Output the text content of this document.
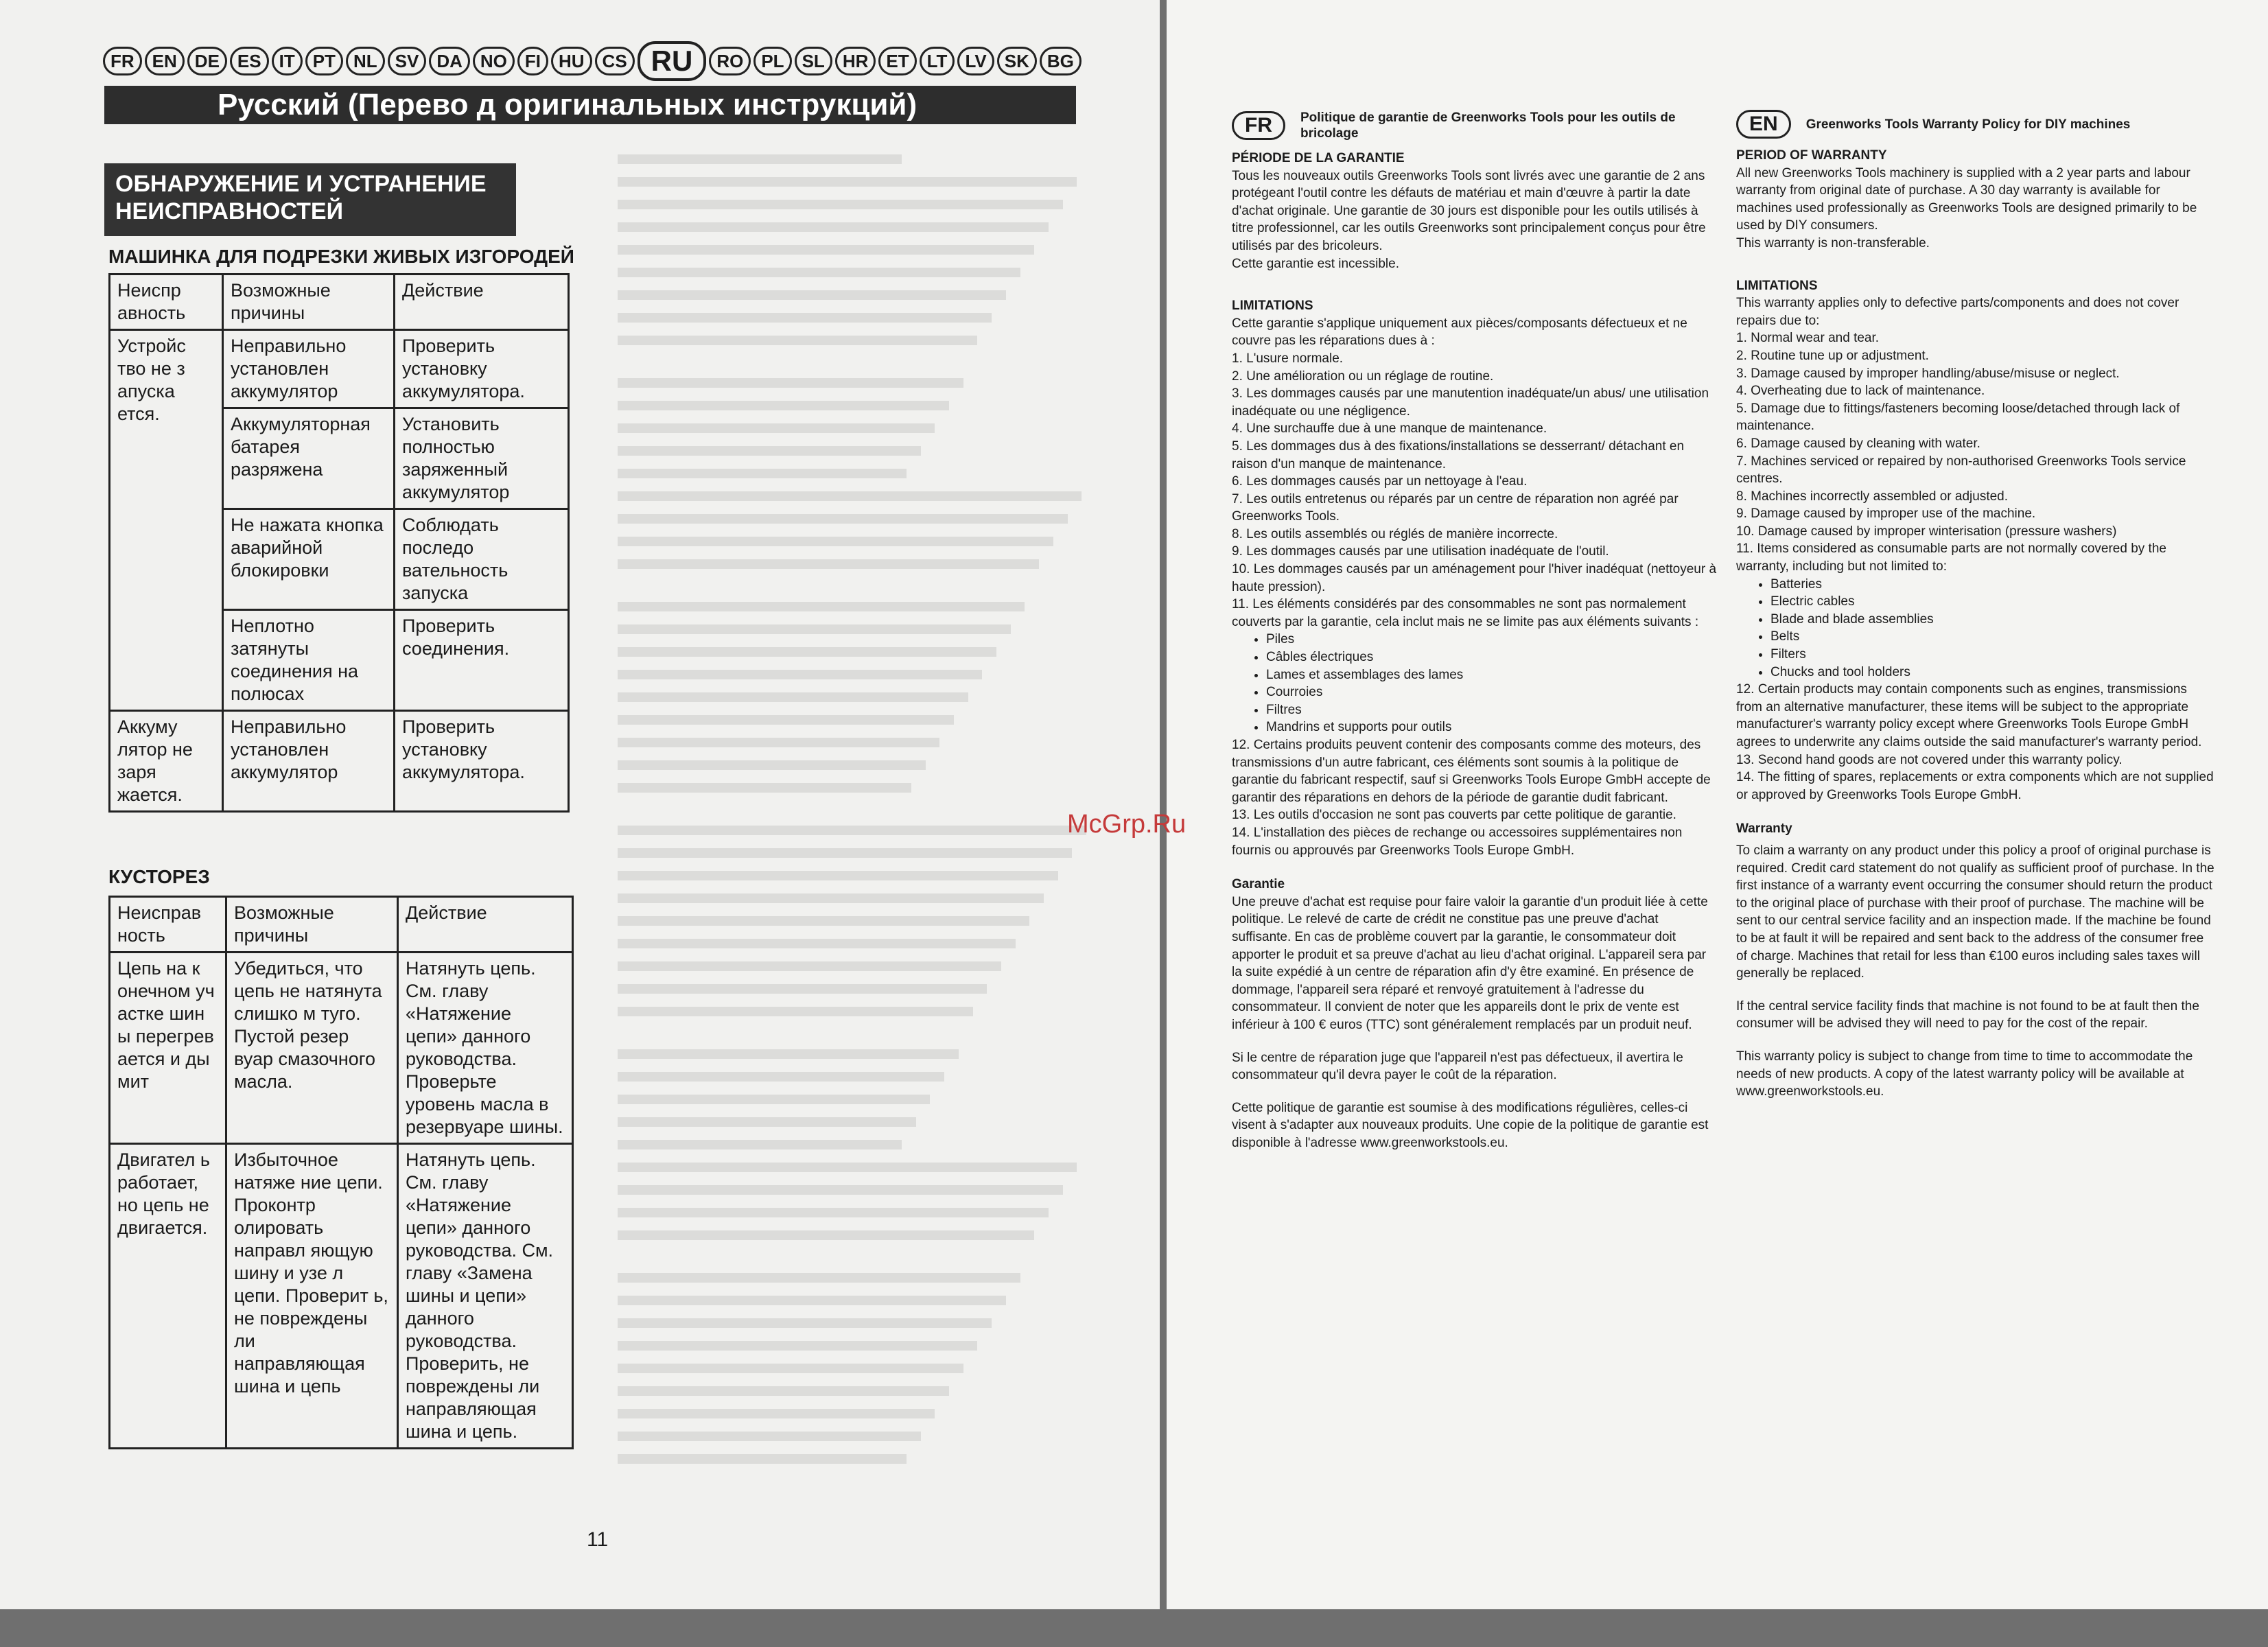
FR	EN	DE	ES	IT	PT	NL	SV	DA	NO	FI	HU	CS RU	RO	PL	SL	HR	ET	LT	LV	SK	BG
Русский (Перево д оригинальных инструкций)
ОБНАРУЖЕНИЕ И УСТРАНЕНИЕ НЕИСПРАВНОСТЕЙ
МАШИНКА ДЛЯ ПОДРЕЗКИ ЖИВЫХ ИЗГОРОДЕЙ
Неиспр авность	Возможные причины	Действие
Устройс тво не з апуска ется.	Неправильно установлен аккумулятор	Проверить установку аккумулятора.
	Аккумуляторная батарея разряжена	Установить полностью заряженный аккумулятор
	Не нажата кнопка аварийной блокировки	Соблюдать последо вательность запуска
	Неплотно затянуты соединения на полюсах	Проверить соединения.
Аккуму лятор не заря жается.	Неправильно установлен аккумулятор	Проверить установку аккумулятора.
КУСТОРЕЗ
Неисправ ность	Возможные причины	Действие
Цепь на к онечном уч астке шин ы перегрев ается и ды мит	Убедиться, что цепь не натянута слишко м туго. Пустой резер вуар смазочного масла.	Натянуть цепь. См. главу «Натяжение цепи» данного руководства. Проверьте уровень масла в резервуаре шины.
Двигател ь работает, но цепь не двигается.	Избыточное натяже ние цепи. Проконтр олировать направл яющую шину и узе л цепи. Проверит ь, не повреждены ли направляющая шина и цепь	Натянуть цепь. См. главу «Натяжение цепи» данного руководства. См. главу «Замена шины и цепи» данного руководства. Проверить, не повреждены ли направляющая шина и цепь.
11
McGrp.Ru
FR	Politique de garantie de Greenworks Tools pour les outils de bricolage
PÉRIODE DE LA GARANTIE
Tous les nouveaux outils Greenworks Tools sont livrés avec une garantie de 2 ans protégeant l'outil contre les défauts de matériau et main d'œuvre à partir la date d'achat originale. Une garantie de 30 jours est disponible pour les outils utilisés à titre professionnel, car les outils Greenworks sont principalement conçus pour être utilisés par des bricoleurs.
Cette garantie est incessible.
LIMITATIONS
Cette garantie s'applique uniquement aux pièces/composants défectueux et ne couvre pas les réparations dues à :
1. L'usure normale.
2. Une amélioration ou un réglage de routine.
3. Les dommages causés par une manutention inadéquate/un abus/ une utilisation inadéquate ou une négligence.
4. Une surchauffe due à une manque de maintenance.
5. Les dommages dus à des fixations/installations se desserrant/ détachant en raison d'un manque de maintenance.
6. Les dommages causés par un nettoyage à l'eau.
7. Les outils entretenus ou réparés par un centre de réparation non agréé par Greenworks Tools.
8. Les outils assemblés ou réglés de manière incorrecte.
9. Les dommages causés par une utilisation inadéquate de l'outil.
10. Les dommages causés par un aménagement pour l'hiver inadéquat (nettoyeur à haute pression).
11. Les éléments considérés par des consommables ne sont pas normalement couverts par la garantie, cela inclut mais ne se limite pas aux éléments suivants :
• Piles
• Câbles électriques
• Lames et assemblages des lames
• Courroies
• Filtres
• Mandrins et supports pour outils
12. Certains produits peuvent contenir des composants comme des moteurs, des transmissions d'un autre fabricant, ces éléments sont soumis à la politique de garantie du fabricant respectif, sauf si Greenworks Tools Europe GmbH accepte de garantir des réparations en dehors de la période de garantie dudit fabricant.
13. Les outils d'occasion ne sont pas couverts par cette politique de garantie.
14. L'installation des pièces de rechange ou accessoires supplémentaires non fournis ou approuvés par Greenworks Tools Europe GmbH.
Garantie
Une preuve d'achat est requise pour faire valoir la garantie d'un produit liée à cette politique. Le relevé de carte de crédit ne constitue pas une preuve d'achat suffisante. En cas de problème couvert par la garantie, le consommateur doit apporter le produit et sa preuve d'achat au lieu d'achat original. L'appareil sera par la suite expédié à un centre de réparation afin d'y être examiné. En présence de dommage, l'appareil sera réparé et renvoyé gratuitement à l'adresse du consommateur. Il convient de noter que les appareils dont le prix de vente est inférieur à 100 € euros (TTC) sont généralement remplacés par un produit neuf.
Si le centre de réparation juge que l'appareil n'est pas défectueux, il avertira le consommateur qu'il devra payer le coût de la réparation.
Cette politique de garantie est soumise à des modifications régulières, celles-ci visent à s'adapter aux nouveaux produits. Une copie de la politique de garantie est disponible à l'adresse www.greenworkstools.eu.
EN	Greenworks Tools Warranty Policy for DIY machines
PERIOD OF WARRANTY
All new Greenworks Tools machinery is supplied with a 2 year parts and labour warranty from original date of purchase. A 30 day warranty is available for machines used professionally as Greenworks Tools are designed primarily to be used by DIY consumers.
This warranty is non-transferable.
LIMITATIONS
This warranty applies only to defective parts/components and does not cover repairs due to:
1. Normal wear and tear.
2. Routine tune up or adjustment.
3. Damage caused by improper handling/abuse/misuse or neglect.
4. Overheating due to lack of maintenance.
5. Damage due to fittings/fasteners becoming loose/detached through lack of maintenance.
6. Damage caused by cleaning with water.
7. Machines serviced or repaired by non-authorised Greenworks Tools service centres.
8. Machines incorrectly assembled or adjusted.
9. Damage caused by improper use of the machine.
10. Damage caused by improper winterisation (pressure washers)
11. Items considered as consumable parts are not normally covered by the warranty, including but not limited to:
• Batteries
• Electric cables
• Blade and blade assemblies
• Belts
• Filters
• Chucks and tool holders
12. Certain products may contain components such as engines, transmissions from an alternative manufacturer, these items will be subject to the appropriate manufacturer's warranty policy except where Greenworks Tools Europe GmbH agrees to underwrite any claims outside the said manufacturer's warranty period.
13. Second hand goods are not covered under this warranty policy.
14. The fitting of spares, replacements or extra components which are not supplied or approved by Greenworks Tools Europe GmbH.
Warranty
To claim a warranty on any product under this policy a proof of original purchase is required. Credit card statement do not qualify as sufficient proof of purchase. In the first instance of a warranty event occurring the consumer should return the product to the original place of purchase with their proof of purchase. The machine will be sent to our central service facility and an inspection made. If the machine be found to be at fault it will be repaired and sent back to the address of the consumer free of charge. Machines that retail for less than €100 euros including sales taxes will generally be replaced.
If the central service facility finds that machine is not found to be at fault then the consumer will be advised they will need to pay for the cost of the repair.
This warranty policy is subject to change from time to time to accommodate the needs of new products. A copy of the latest warranty policy will be available at www.greenworkstools.eu.
